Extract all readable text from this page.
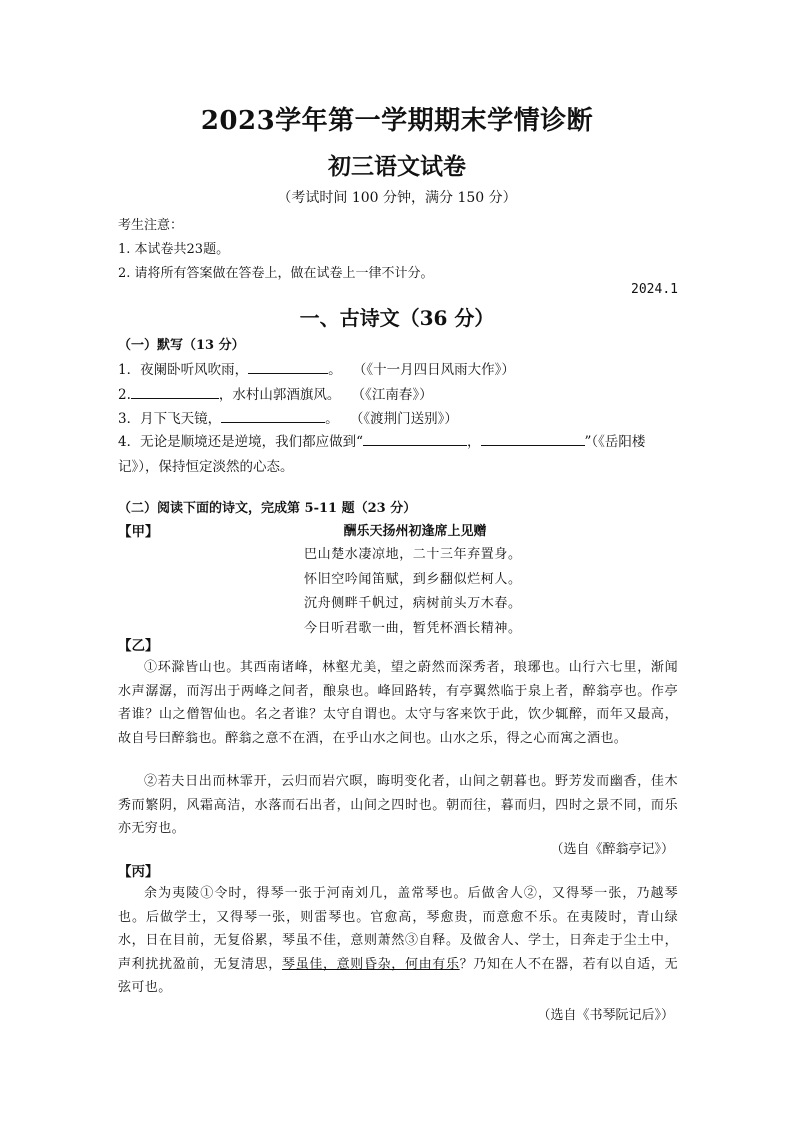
2023学年第一学期期末学情诊断
初三语文试卷
（考试时间 100 分钟，满分 150 分）
考生注意：
1. 本试卷共23题。
2. 请将所有答案做在答卷上，做在试卷上一律不计分。
2024.1
一、古诗文（36 分）
（一）默写（13 分）
1．夜阑卧听风吹雨，	。 （《十一月四日风雨大作》）
2.	，水村山郭酒旗风。 （《江南春》）
3．月下飞天镜，	。 （《渡荆门送别》）
4．无论是顺境还是逆境，我们都应做到“	，	”（《岳阳楼记》），保持恒定淡然的心态。
（二）阅读下面的诗文，完成第 5-11 题（23 分）
【甲】	酬乐天扬州初逢席上见赠
巴山楚水凄凉地，二十三年弃置身。
怀旧空吟闻笛赋，到乡翻似烂柯人。
沉舟侧畔千帆过，病树前头万木春。
今日听君歌一曲，暂凭杯酒长精神。
【乙】
①环滁皆山也。其西南诸峰，林壑尤美，望之蔚然而深秀者，琅琊也。山行六七里，渐闻水声潺潺，而泻出于两峰之间者，酿泉也。峰回路转，有亭翼然临于泉上者，醉翁亭也。作亭者谁？山之僧智仙也。名之者谁？太守自谓也。太守与客来饮于此，饮少辄醉，而年又最高，故自号曰醉翁也。醉翁之意不在酒，在乎山水之间也。山水之乐，得之心而寓之酒也。
②若夫日出而林霏开，云归而岩穴暝，晦明变化者，山间之朝暮也。野芳发而幽香，佳木秀而繁阴，风霜高洁，水落而石出者，山间之四时也。朝而往，暮而归，四时之景不同，而乐亦无穷也。
（选自《醉翁亭记》）
【丙】
余为夷陵①令时，得琴一张于河南刘几，盖常琴也。后做舍人②，又得琴一张，乃越琴也。后做学士，又得琴一张，则雷琴也。官愈高，琴愈贵，而意愈不乐。在夷陵时，青山绿水，日在目前，无复俗累，琴虽不佳，意则萧然③自释。及做舍人、学士，日奔走于尘土中，声利扰扰盈前，无复清思，琴虽佳，意则昏杂，何由有乐？乃知在人不在器，若有以自适，无弦可也。
（选自《书琴阮记后》）
